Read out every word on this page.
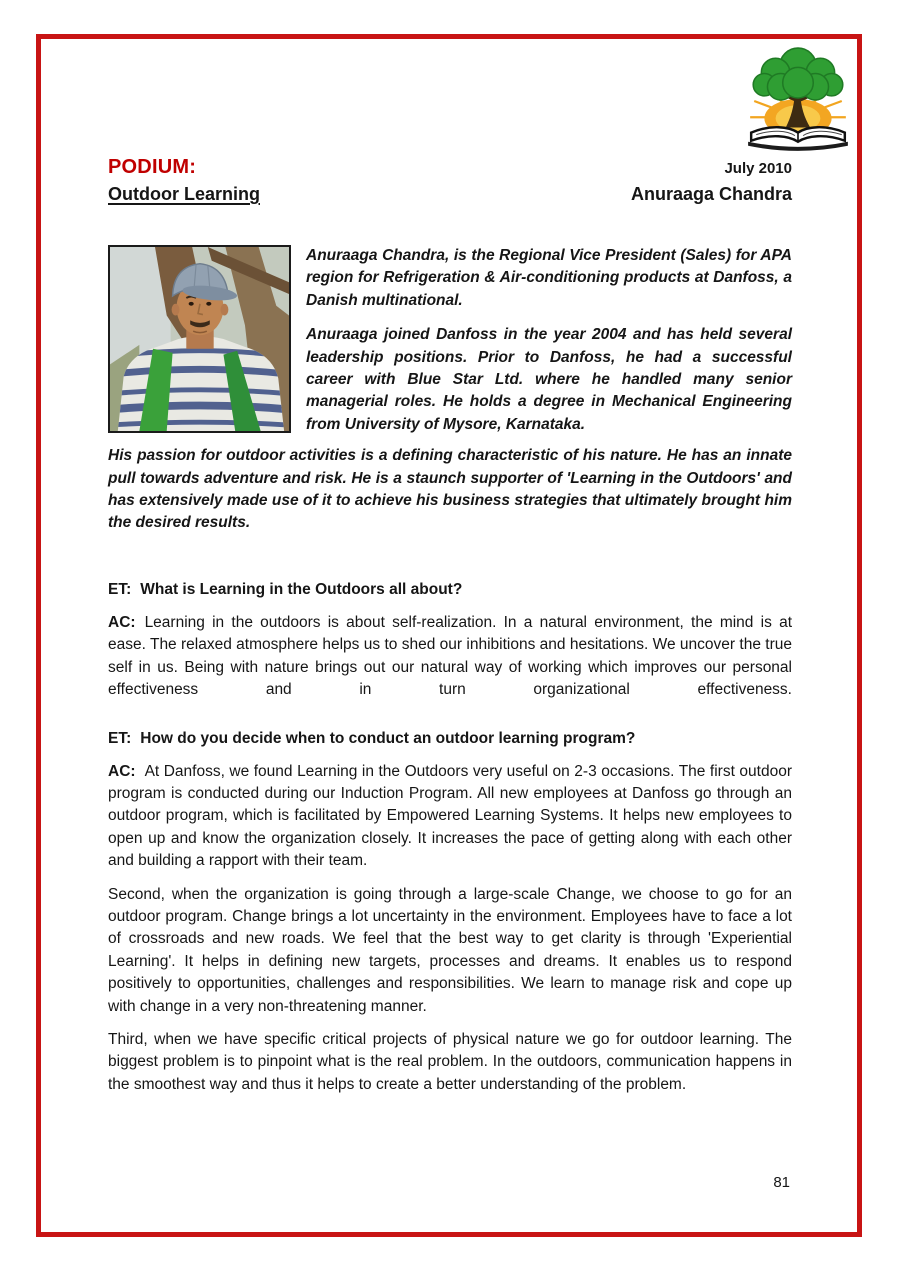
PODIUM:	July 2010
Outdoor Learning	Anuraaga Chandra

Anuraaga Chandra, is the Regional Vice President (Sales) for APA region for Refrigeration & Air-conditioning products at Danfoss, a Danish multinational.

Anuraaga joined Danfoss in the year 2004 and has held several leadership positions. Prior to Danfoss, he had a successful career with Blue Star Ltd. where he handled many senior managerial roles. He holds a degree in Mechanical Engineering from University of Mysore, Karnataka.

His passion for outdoor activities is a defining characteristic of his nature. He has an innate pull towards adventure and risk. He is a staunch supporter of 'Learning in the Outdoors' and has extensively made use of it to achieve his business strategies that ultimately brought him the desired results.

ET: What is Learning in the Outdoors all about?

AC: Learning in the outdoors is about self-realization. In a natural environment, the mind is at ease. The relaxed atmosphere helps us to shed our inhibitions and hesitations. We uncover the true self in us. Being with nature brings out our natural way of working which improves our personal effectiveness and in turn organizational effectiveness.

ET: How do you decide when to conduct an outdoor learning program?

AC: At Danfoss, we found Learning in the Outdoors very useful on 2-3 occasions. The first outdoor program is conducted during our Induction Program. All new employees at Danfoss go through an outdoor program, which is facilitated by Empowered Learning Systems. It helps new employees to open up and know the organization closely. It increases the pace of getting along with each other and building a rapport with their team.

Second, when the organization is going through a large-scale Change, we choose to go for an outdoor program. Change brings a lot uncertainty in the environment. Employees have to face a lot of crossroads and new roads. We feel that the best way to get clarity is through 'Experiential Learning'. It helps in defining new targets, processes and dreams. It enables us to respond positively to opportunities, challenges and responsibilities. We learn to manage risk and cope up with change in a very non-threatening manner.

Third, when we have specific critical projects of physical nature we go for outdoor learning. The biggest problem is to pinpoint what is the real problem. In the outdoors, communication happens in the smoothest way and thus it helps to create a better understanding of the problem.

81
